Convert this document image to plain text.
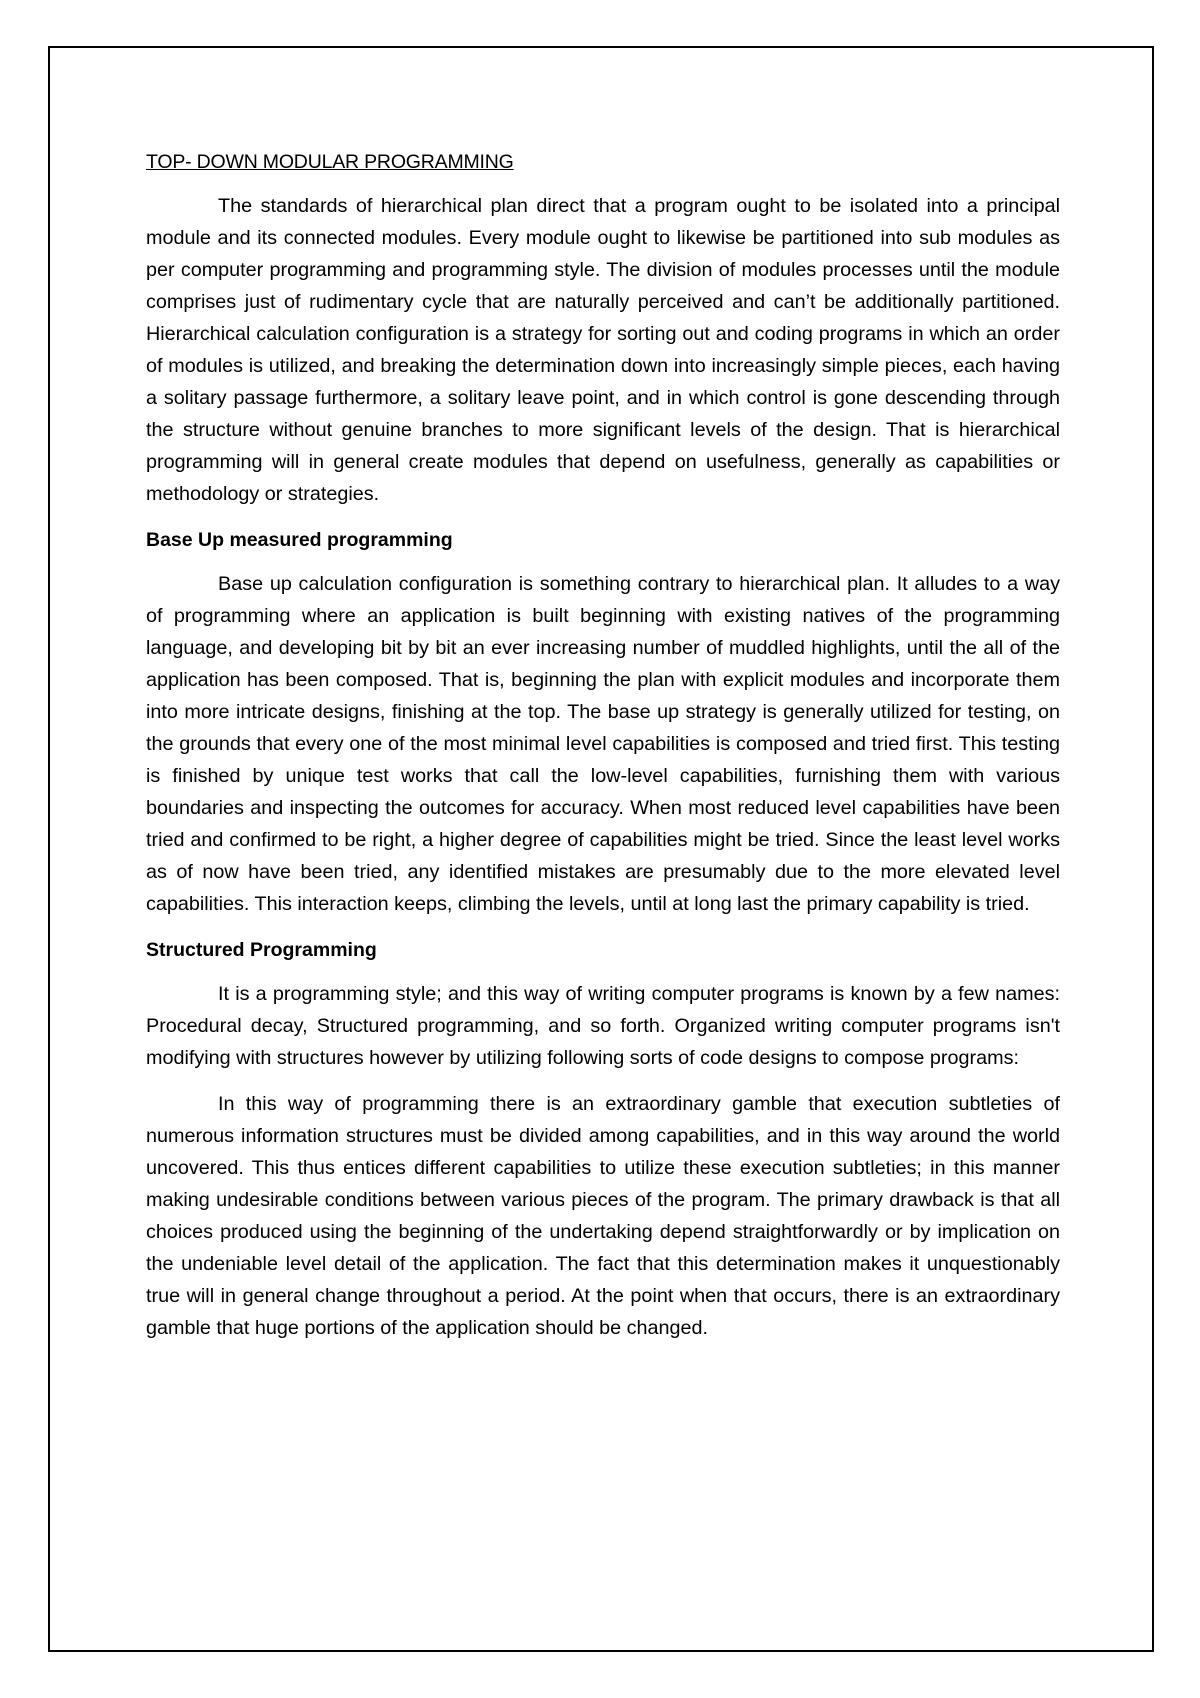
TOP- DOWN MODULAR PROGRAMMING

The standards of hierarchical plan direct that a program ought to be isolated into a principal module and its connected modules. Every module ought to likewise be partitioned into sub modules as per computer programming and programming style. The division of modules processes until the module comprises just of rudimentary cycle that are naturally perceived and can’t be additionally partitioned. Hierarchical calculation configuration is a strategy for sorting out and coding programs in which an order of modules is utilized, and breaking the determination down into increasingly simple pieces, each having a solitary passage furthermore, a solitary leave point, and in which control is gone descending through the structure without genuine branches to more significant levels of the design. That is hierarchical programming will in general create modules that depend on usefulness, generally as capabilities or methodology or strategies.

Base Up measured programming

Base up calculation configuration is something contrary to hierarchical plan. It alludes to a way of programming where an application is built beginning with existing natives of the programming language, and developing bit by bit an ever increasing number of muddled highlights, until the all of the application has been composed. That is, beginning the plan with explicit modules and incorporate them into more intricate designs, finishing at the top. The base up strategy is generally utilized for testing, on the grounds that every one of the most minimal level capabilities is composed and tried first. This testing is finished by unique test works that call the low-level capabilities, furnishing them with various boundaries and inspecting the outcomes for accuracy. When most reduced level capabilities have been tried and confirmed to be right, a higher degree of capabilities might be tried. Since the least level works as of now have been tried, any identified mistakes are presumably due to the more elevated level capabilities. This interaction keeps, climbing the levels, until at long last the primary capability is tried.

Structured Programming

It is a programming style; and this way of writing computer programs is known by a few names: Procedural decay, Structured programming, and so forth. Organized writing computer programs isn't modifying with structures however by utilizing following sorts of code designs to compose programs:

In this way of programming there is an extraordinary gamble that execution subtleties of numerous information structures must be divided among capabilities, and in this way around the world uncovered. This thus entices different capabilities to utilize these execution subtleties; in this manner making undesirable conditions between various pieces of the program. The primary drawback is that all choices produced using the beginning of the undertaking depend straightforwardly or by implication on the undeniable level detail of the application. The fact that this determination makes it unquestionably true will in general change throughout a period. At the point when that occurs, there is an extraordinary gamble that huge portions of the application should be changed.
